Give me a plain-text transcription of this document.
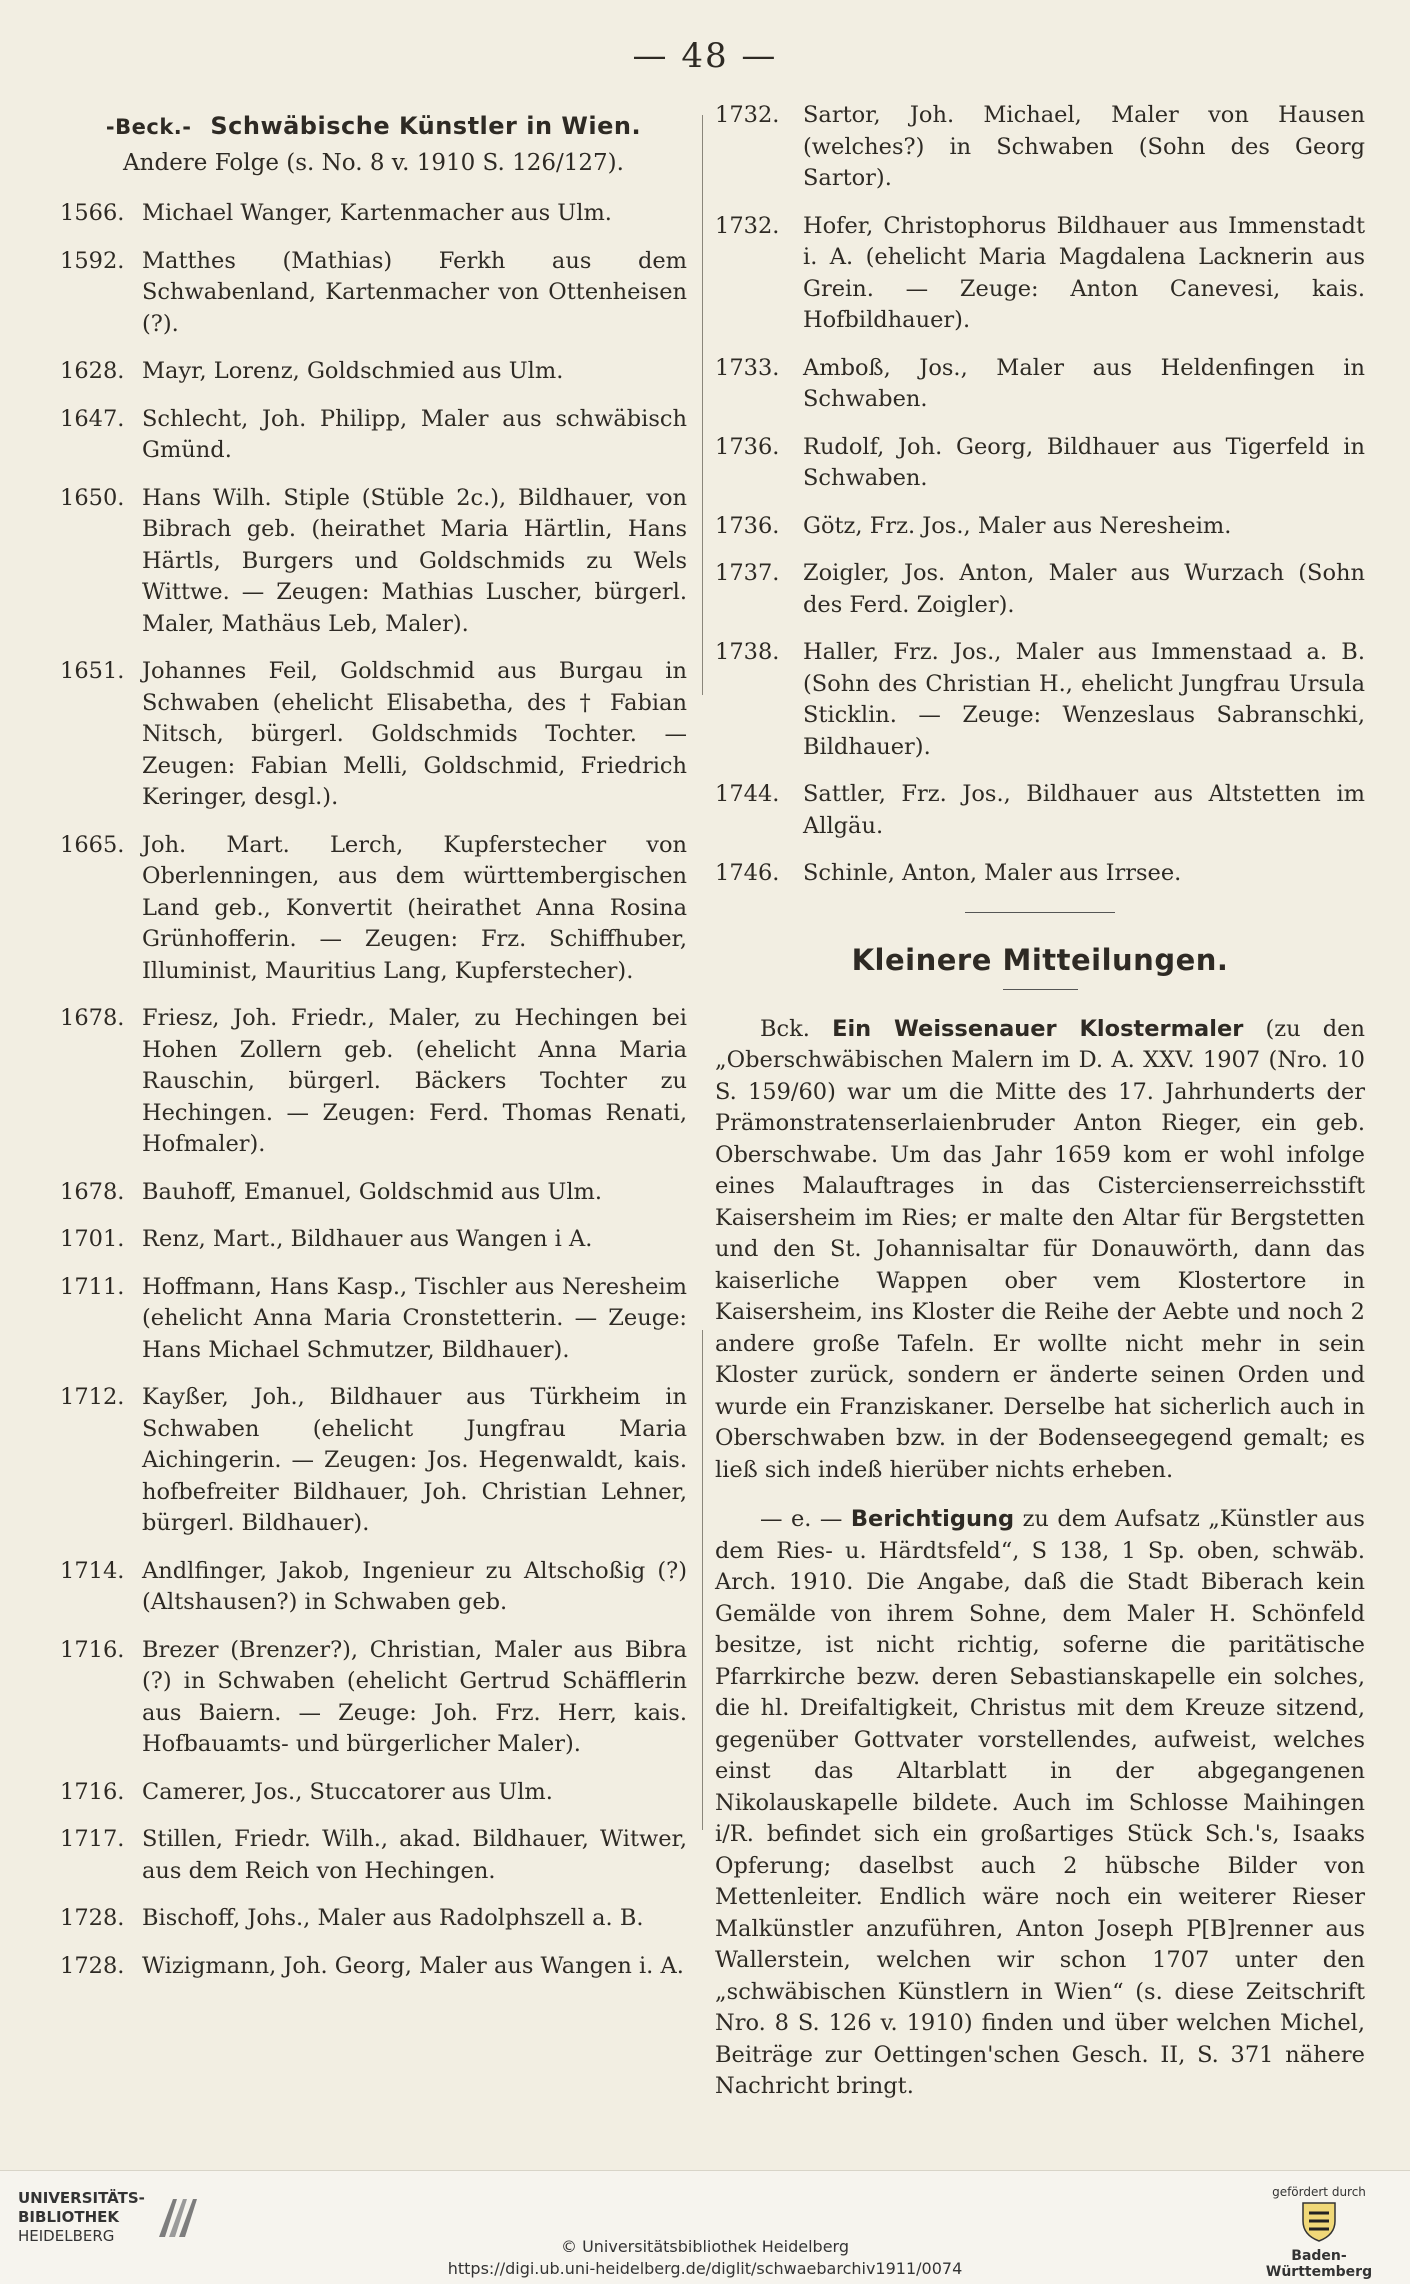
— 48 —
-Beck.- Schwäbische Künstler in Wien.
Andere Folge (s. No. 8 v. 1910 S. 126/127).
1566. Michael Wanger, Kartenmacher aus Ulm.
1592. Matthes (Mathias) Ferkh aus dem Schwabenland, Kartenmacher von Ottenheisen (?).
1628. Mayr, Lorenz, Goldschmied aus Ulm.
1647. Schlecht, Joh. Philipp, Maler aus schwäbisch Gmünd.
1650. Hans Wilh. Stiple (Stüble 2c.), Bildhauer, von Bibrach geb. (heirathet Maria Härtlin, Hans Härtls, Burgers und Goldschmids zu Wels Wittwe. — Zeugen: Mathias Luscher, bürgerl. Maler, Mathäus Leb, Maler).
1651. Johannes Feil, Goldschmid aus Burgau in Schwaben (ehelicht Elisabetha, des † Fabian Nitsch, bürgerl. Goldschmids Tochter. — Zeugen: Fabian Melli, Goldschmid, Friedrich Keringer, desgl.).
1665. Joh. Mart. Lerch, Kupferstecher von Oberlenningen, aus dem württembergischen Land geb., Konvertit (heirathet Anna Rosina Grünhofferin. — Zeugen: Frz. Schiffhuber, Illuminist, Mauritius Lang, Kupferstecher).
1678. Friesz, Joh. Friedr., Maler, zu Hechingen bei Hohen Zollern geb. (ehelicht Anna Maria Rauschin, bürgerl. Bäckers Tochter zu Hechingen. — Zeugen: Ferd. Thomas Renati, Hofmaler).
1678. Bauhoff, Emanuel, Goldschmid aus Ulm.
1701. Renz, Mart., Bildhauer aus Wangen i A.
1711. Hoffmann, Hans Kasp., Tischler aus Neresheim (ehelicht Anna Maria Cronstetterin. — Zeuge: Hans Michael Schmutzer, Bildhauer).
1712. Kayßer, Joh., Bildhauer aus Türkheim in Schwaben (ehelicht Jungfrau Maria Aichingerin. — Zeugen: Jos. Hegenwaldt, kais. hofbefreiter Bildhauer, Joh. Christian Lehner, bürgerl. Bildhauer).
1714. Andlfinger, Jakob, Ingenieur zu Altschoßig (?) (Altshausen?) in Schwaben geb.
1716. Brezer (Brenzer?), Christian, Maler aus Bibra (?) in Schwaben (ehelicht Gertrud Schäfflerin aus Baiern. — Zeuge: Joh. Frz. Herr, kais. Hofbauamts- und bürgerlicher Maler).
1716. Camerer, Jos., Stuccatorer aus Ulm.
1717. Stillen, Friedr. Wilh., akad. Bildhauer, Witwer, aus dem Reich von Hechingen.
1728. Bischoff, Johs., Maler aus Radolphszell a. B.
1728. Wizigmann, Joh. Georg, Maler aus Wangen i. A.
1732.	Sartor, Joh. Michael, Maler von Hausen (welches?) in Schwaben (Sohn des Georg Sartor).
1732.	Hofer, Christophorus Bildhauer aus Immenstadt i. A. (ehelicht Maria Magdalena Lacknerin aus Grein. — Zeuge: Anton Canevesi, kais. Hofbildhauer).
1733.	Amboß, Jos., Maler aus Heldenfingen in Schwaben.
1736.	Rudolf, Joh. Georg, Bildhauer aus Tigerfeld in Schwaben.
1736.	Götz, Frz. Jos., Maler aus Neresheim.
1737.	Zoigler, Jos. Anton, Maler aus Wurzach (Sohn des Ferd. Zoigler).
1738.	Haller, Frz. Jos., Maler aus Immenstaad a. B. (Sohn des Christian H., ehelicht Jungfrau Ursula Sticklin. — Zeuge: Wenzeslaus Sabranschki, Bildhauer).
1744.	Sattler, Frz. Jos., Bildhauer aus Altstetten im Allgäu.
1746.	Schinle, Anton, Maler aus Irrsee.
Kleinere Mitteilungen.

Bck. Ein Weissenauer Klostermaler (zu den „Oberschwäbischen Malern im D. A. XXV. 1907 (Nro. 10 S. 159/60) war um die Mitte des 17. Jahrhunderts der Prämonstratenserlaienbruder Anton Rieger, ein geb. Oberschwabe. Um das Jahr 1659 kom er wohl infolge eines Malauftrages in das Cistercienserreichsstift Kaisersheim im Ries; er malte den Altar für Bergstetten und den St. Johannisaltar für Donauwörth, dann das kaiserliche Wappen ober vem Klostertore in Kaisersheim, ins Kloster die Reihe der Aebte und noch 2 andere große Tafeln. Er wollte nicht mehr in sein Kloster zurück, sondern er änderte seinen Orden und wurde ein Franziskaner. Derselbe hat sicherlich auch in Oberschwaben bzw. in der Bodenseegegend gemalt; es ließ sich indeß hierüber nichts erheben.

— e. — Berichtigung zu dem Aufsatz „Künstler aus dem Ries- u. Härdtsfeld“, S 138, 1 Sp. oben, schwäb. Arch. 1910. Die Angabe, daß die Stadt Biberach kein Gemälde von ihrem Sohne, dem Maler H. Schönfeld besitze, ist nicht richtig, soferne die paritätische Pfarrkirche bezw. deren Sebastianskapelle ein solches, die hl. Dreifaltigkeit, Christus mit dem Kreuze sitzend, gegenüber Gottvater vorstellendes, aufweist, welches einst das Altarblatt in der abgegangenen Nikolauskapelle bildete. Auch im Schlosse Maihingen i/R. befindet sich ein großartiges Stück Sch.'s, Isaaks Opferung; daselbst auch 2 hübsche Bilder von Mettenleiter. Endlich wäre noch ein weiterer Rieser Malkünstler anzuführen, Anton Joseph P[B]renner aus Wallerstein, welchen wir schon 1707 unter den „schwäbischen Künstlern in Wien“ (s. diese Zeitschrift Nro. 8 S. 126 v. 1910) finden und über welchen Michel, Beiträge zur Oettingen'schen Gesch. II, S. 371 nähere Nachricht bringt.

UNIVERSITÄTS-
BIBLIOTHEK
HEIDELBERG
© Universitätsbibliothek Heidelberg
https://digi.ub.uni-heidelberg.de/diglit/schwaebarchiv1911/0074
gefördert durch
Baden-Württemberg
